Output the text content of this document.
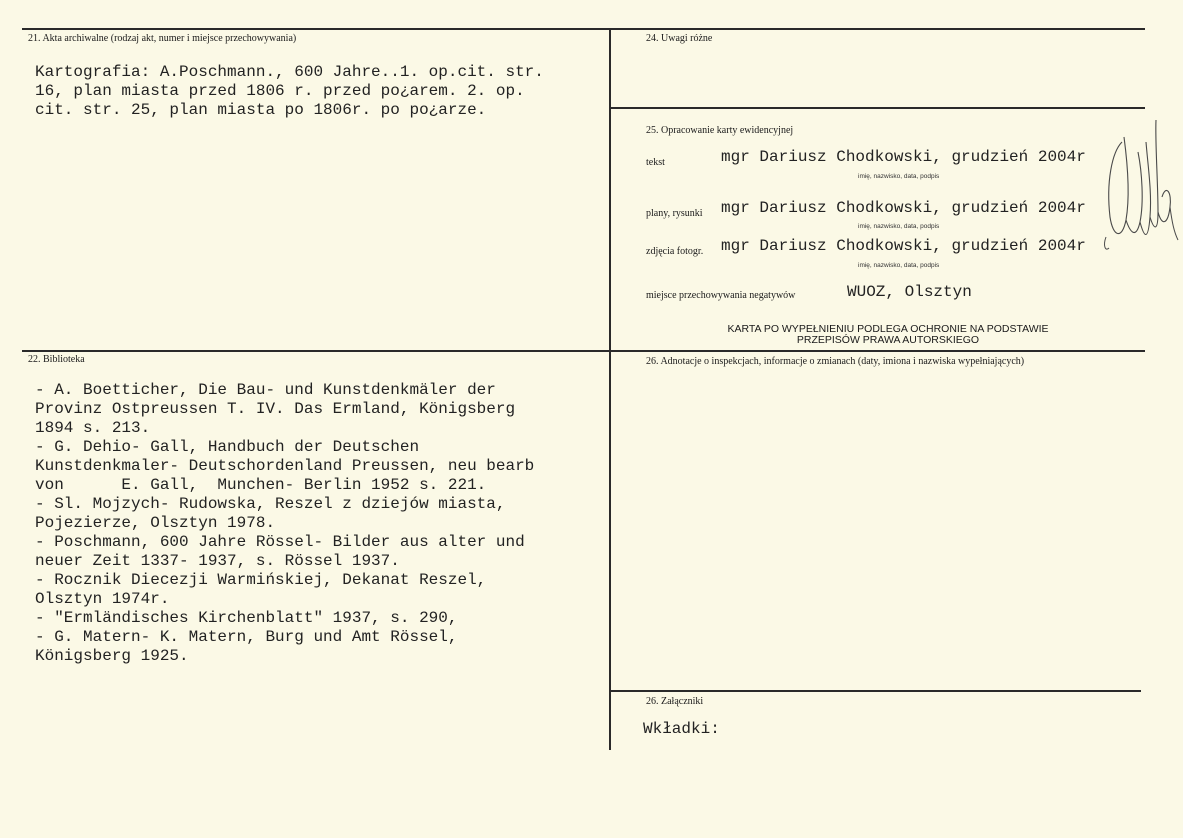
21. Akta archiwalne (rodzaj akt, numer i miejsce przechowywania)
Kartografia: A.Poschmann., 600 Jahre..1. op.cit. str.
16, plan miasta przed 1806 r. przed po¿arem. 2. op.
cit. str. 25, plan miasta po 1806r. po po¿arze.
24. Uwagi różne
25. Opracowanie karty ewidencyjnej
tekst	mgr Dariusz Chodkowski, grudzień 2004r
imię, nazwisko, data, podpis
plany, rysunki mgr Dariusz Chodkowski, grudzień 2004r
imię, nazwisko, data, podpis
zdjęcia fotogr. mgr Dariusz Chodkowski, grudzień 2004r
imię, nazwisko, data, podpis
miejsce przechowywania negatywów	WUOZ, Olsztyn
KARTA PO WYPEŁNIENIU PODLEGA OCHRONIE NA PODSTAWIE
PRZEPISÓW PRAWA AUTORSKIEGO
22. Biblioteka
- A. Boetticher, Die Bau- und Kunstdenkmäler der
Provinz Ostpreussen T. IV. Das Ermland, Königsberg
1894 s. 213.
- G. Dehio- Gall, Handbuch der Deutschen
Kunstdenkmaler- Deutschordenland Preussen, neu bearb
von      E. Gall,  Munchen- Berlin 1952 s. 221.
- Sl. Mojzych- Rudowska, Reszel z dziejów miasta,
Pojezierze, Olsztyn 1978.
- Poschmann, 600 Jahre Rössel- Bilder aus alter und
neuer Zeit 1337- 1937, s. Rössel 1937.
- Rocznik Diecezji Warmińskiej, Dekanat Reszel,
Olsztyn 1974r.
- "Ermländisches Kirchenblatt" 1937, s. 290,
- G. Matern- K. Matern, Burg und Amt Rössel,
Königsberg 1925.
26. Adnotacje o inspekcjach, informacje o zmianach (daty, imiona i nazwiska wypełniających)
26. Załączniki
Wkładki:
